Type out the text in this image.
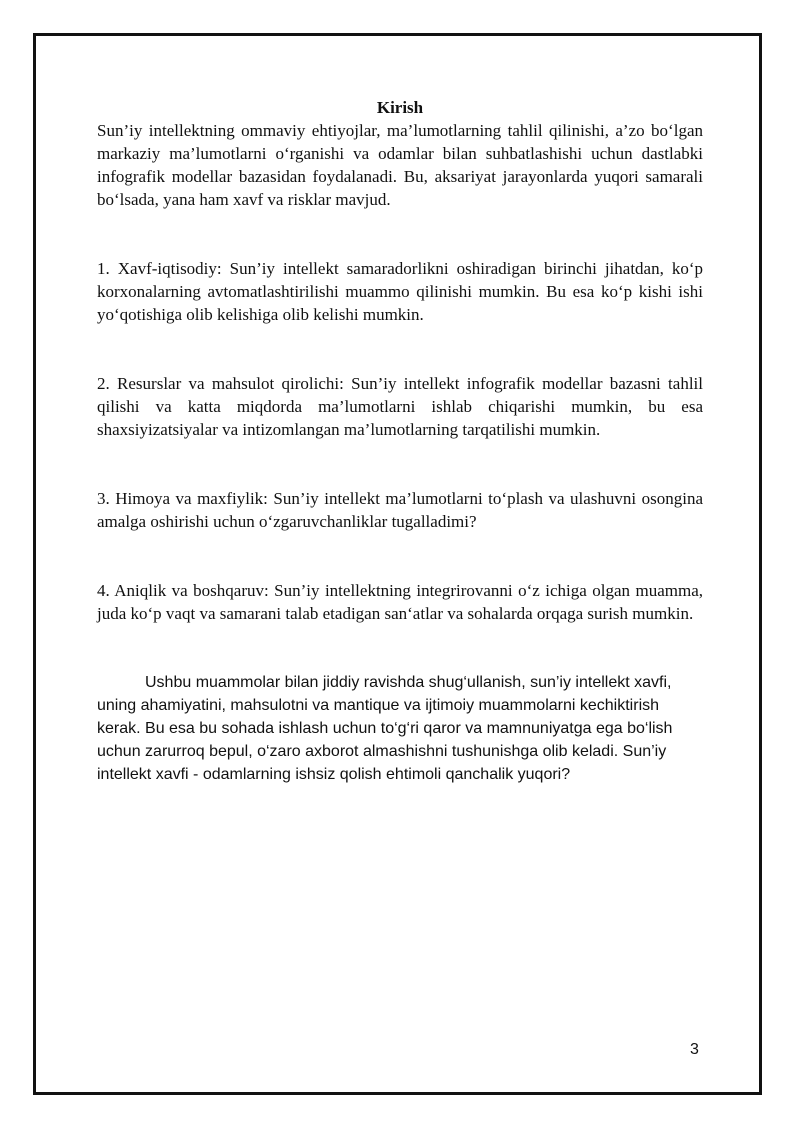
Kirish

Sun’iy intellektning ommaviy ehtiyojlar, ma’lumotlarning tahlil qilinishi, a’zo bo‘lgan markaziy ma’lumotlarni o‘rganishi va odamlar bilan suhbatlashishi uchun dastlabki infografik modellar bazasidan foydalanadi. Bu, aksariyat jarayonlarda yuqori samarali bo‘lsada, yana ham xavf va risklar mavjud.

1. Xavf-iqtisodiy: Sun’iy intellekt samaradorlikni oshiradigan birinchi jihatdan, ko‘p korxonalarning avtomatlashtirilishi muammo qilinishi mumkin. Bu esa ko‘p kishi ishi yo‘qotishiga olib kelishiga olib kelishi mumkin.

2. Resurslar va mahsulot qirolichi: Sun’iy intellekt infografik modellar bazasni tahlil qilishi va katta miqdorda ma’lumotlarni ishlab chiqarishi mumkin, bu esa shaxsiyizatsiyalar va intizomlangan ma’lumotlarning tarqatilishi mumkin.

3. Himoya va maxfiylik: Sun’iy intellekt ma’lumotlarni to‘plash va ulashuvni osongina amalga oshirishi uchun o‘zgaruvchanliklar tugalladimi?

4. Aniqlik va boshqaruv: Sun’iy intellektning integrirovanni o‘z ichiga olgan muamma, juda ko‘p vaqt va samarani talab etadigan san‘atlar va sohalarda orqaga surish mumkin.

Ushbu muammolar bilan jiddiy ravishda shug‘ullanish, sun’iy intellekt xavfi, uning ahamiyatini, mahsulotni va mantique va ijtimoiy muammolarni kechiktirish kerak. Bu esa bu sohada ishlash uchun to‘g‘ri qaror va mamnuniyatga ega bo‘lish uchun zarurroq bepul, o‘zaro axborot almashishni tushunishga olib keladi. Sun’iy intellekt xavfi - odamlarning ishsiz qolish ehtimoli qanchalik yuqori?

3
